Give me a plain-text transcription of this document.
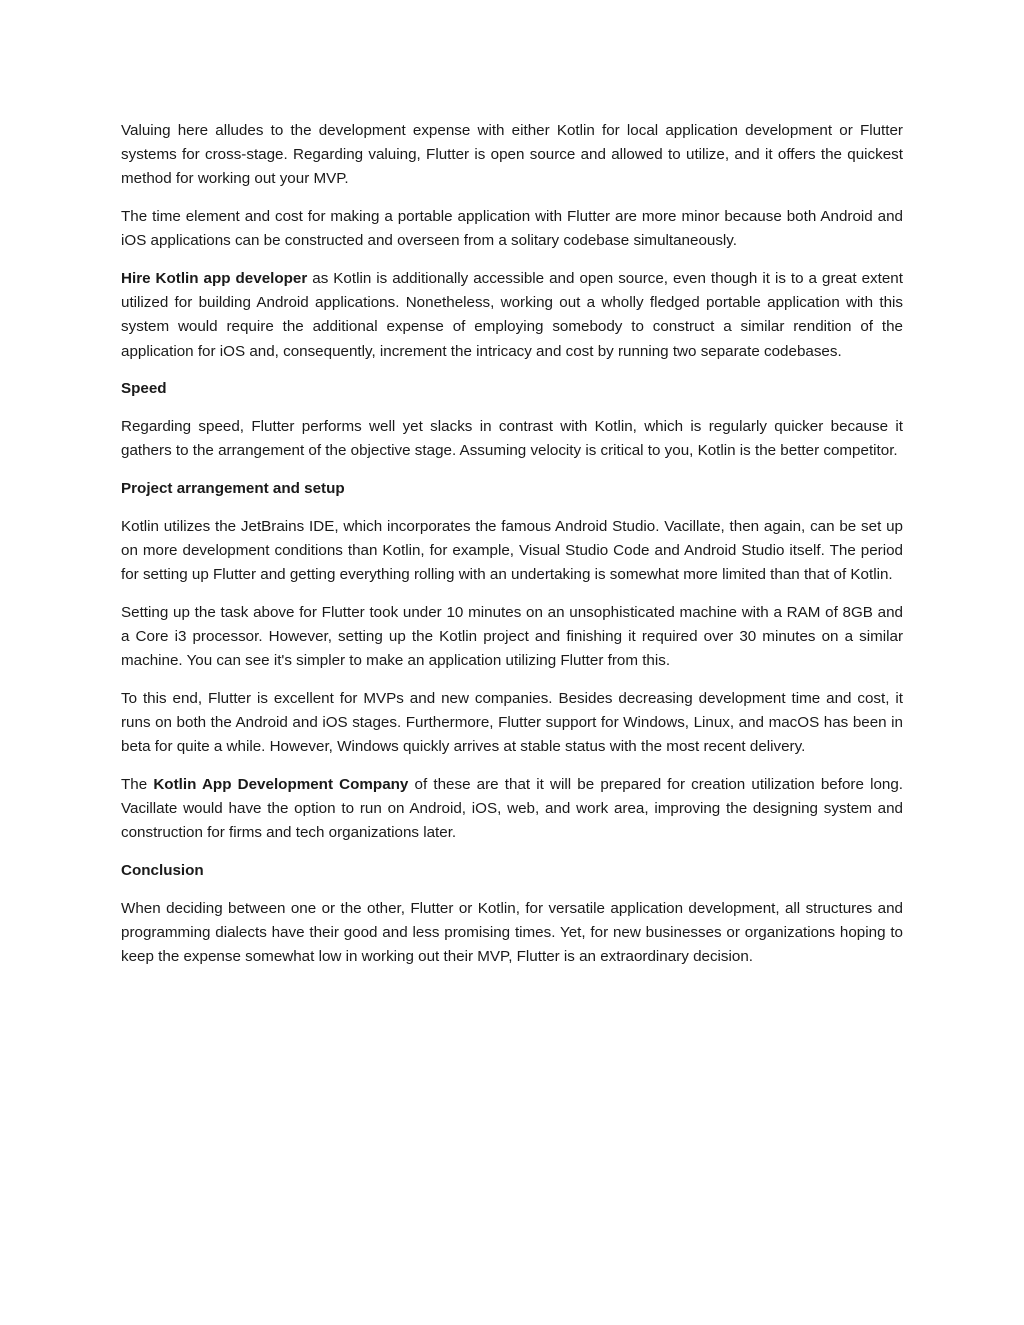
Valuing here alludes to the development expense with either Kotlin for local application development or Flutter systems for cross-stage. Regarding valuing, Flutter is open source and allowed to utilize, and it offers the quickest method for working out your MVP.

The time element and cost for making a portable application with Flutter are more minor because both Android and iOS applications can be constructed and overseen from a solitary codebase simultaneously.

Hire Kotlin app developer as Kotlin is additionally accessible and open source, even though it is to a great extent utilized for building Android applications. Nonetheless, working out a wholly fledged portable application with this system would require the additional expense of employing somebody to construct a similar rendition of the application for iOS and, consequently, increment the intricacy and cost by running two separate codebases.

Speed

Regarding speed, Flutter performs well yet slacks in contrast with Kotlin, which is regularly quicker because it gathers to the arrangement of the objective stage. Assuming velocity is critical to you, Kotlin is the better competitor.

Project arrangement and setup

Kotlin utilizes the JetBrains IDE, which incorporates the famous Android Studio. Vacillate, then again, can be set up on more development conditions than Kotlin, for example, Visual Studio Code and Android Studio itself. The period for setting up Flutter and getting everything rolling with an undertaking is somewhat more limited than that of Kotlin.

Setting up the task above for Flutter took under 10 minutes on an unsophisticated machine with a RAM of 8GB and a Core i3 processor. However, setting up the Kotlin project and finishing it required over 30 minutes on a similar machine. You can see it's simpler to make an application utilizing Flutter from this.

To this end, Flutter is excellent for MVPs and new companies. Besides decreasing development time and cost, it runs on both the Android and iOS stages. Furthermore, Flutter support for Windows, Linux, and macOS has been in beta for quite a while. However, Windows quickly arrives at stable status with the most recent delivery.

The Kotlin App Development Company of these are that it will be prepared for creation utilization before long. Vacillate would have the option to run on Android, iOS, web, and work area, improving the designing system and construction for firms and tech organizations later.

Conclusion

When deciding between one or the other, Flutter or Kotlin, for versatile application development, all structures and programming dialects have their good and less promising times. Yet, for new businesses or organizations hoping to keep the expense somewhat low in working out their MVP, Flutter is an extraordinary decision.
